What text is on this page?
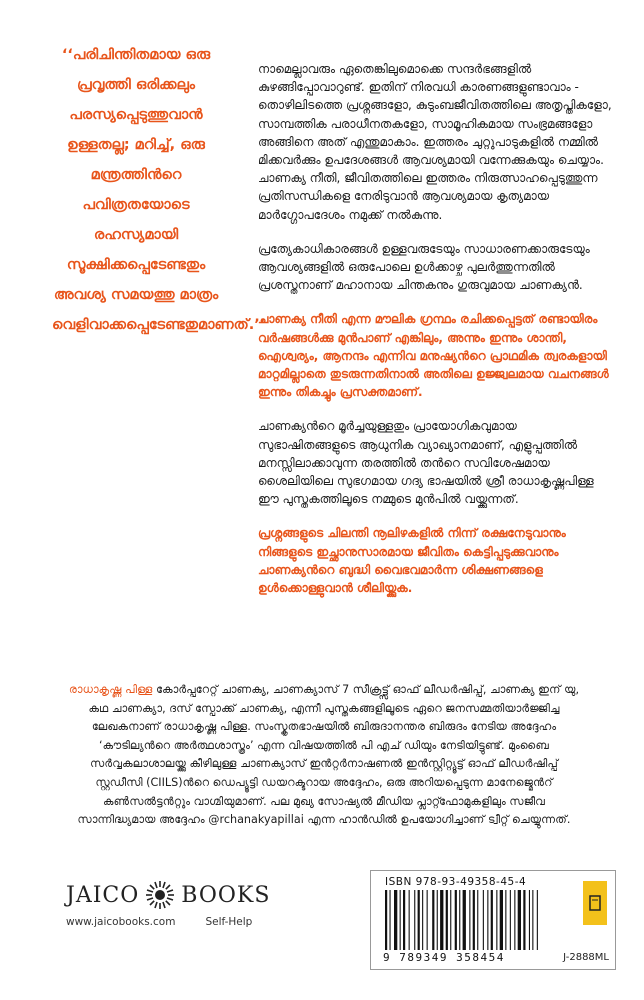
‘‘പരിചിന്തിതമായ ഒരു പ്രവൃത്തി ഒരിക്കലും പരസ്യപ്പെടുത്തുവാൻ ഉള്ളതല്ല; മറിച്ച്, ഒരു മന്ത്രത്തിൻറെ പവിത്രതയോടെ രഹസ്യമായി സൂക്ഷിക്കപ്പെടേണ്ടതും അവശ്യ സമയത്തു മാത്രം വെളിവാക്കപ്പെടേണ്ടതുമാണത്.’’

നാമെല്ലാവരും ഏതെങ്കിലുമൊക്കെ സന്ദർഭങ്ങളിൽ കുഴങ്ങിപ്പോവാറുണ്ട്. ഇതിന് നിരവധി കാരണങ്ങളുണ്ടാവാം - തൊഴിലിടത്തെ പ്രശ്നങ്ങളോ, കുടുംബജീവിതത്തിലെ അതൃപ്തികളോ, സാമ്പത്തിക പരാധീനതകളോ, സാമൂഹികമായ സംഭ്രമങ്ങളോ അങ്ങിനെ അത് എന്തുമാകാം. ഇത്തരം ചുറ്റുപാടുകളിൽ നമ്മിൽ മിക്കവർക്കും ഉപദേശങ്ങൾ ആവശ്യമായി വന്നേക്കുകയും ചെയ്യാം. ചാണക്യ നീതി, ജീവിതത്തിലെ ഇത്തരം നിരുത്സാഹപ്പെടുത്തുന്ന പ്രതിസന്ധികളെ നേരിടുവാൻ ആവശ്യമായ കൃത്യമായ മാർഗ്ഗോപദേശം നമുക്ക് നൽകുന്നു.

പ്രത്യേകാധികാരങ്ങൾ ഉള്ളവരുടേയും സാധാരണക്കാരുടേയും ആവശ്യങ്ങളിൽ ഒരുപോലെ ഉൾക്കാഴ്ച പുലർത്തുന്നതിൽ പ്രശസ്തനാണ് മഹാനായ ചിന്തകനും ഗുരുവുമായ ചാണക്യൻ.

ചാണക്യ നീതി എന്ന മൗലിക ഗ്രന്ഥം രചിക്കപ്പെട്ടത് രണ്ടായിരം വർഷങ്ങൾക്കു മുൻപാണ് എങ്കിലും, അന്നും ഇന്നും ശാന്തി, ഐശ്വര്യം, ആനന്ദം എന്നിവ മനുഷ്യൻറെ പ്രാഥമിക ത്വരകളായി മാറ്റമില്ലാതെ തുടരുന്നതിനാൽ അതിലെ ഉജ്ജ്വലമായ വചനങ്ങൾ ഇന്നും തികച്ചും പ്രസക്തമാണ്.

ചാണക്യൻറെ മൂർച്ചയുള്ളതും പ്രായോഗികവുമായ സുഭാഷിതങ്ങളുടെ ആധുനിക വ്യാഖ്യാനമാണ്, എളുപ്പത്തിൽ മനസ്സിലാക്കാവുന്ന തരത്തിൽ തൻറെ സവിശേഷമായ ശൈലിയിലെ സുഭഗമായ ഗദ്യ ഭാഷയിൽ ശ്രീ രാധാകൃഷ്ണപിള്ള ഈ പുസ്തകത്തിലൂടെ നമ്മുടെ മുൻപിൽ വയ്ക്കുന്നത്.

പ്രശ്നങ്ങളുടെ ചിലന്തി നൂലിഴകളിൽ നിന്ന് രക്ഷനേടുവാനും നിങ്ങളുടെ ഇച്ഛാനുസാരമായ ജീവിതം കെട്ടിപ്പടുക്കുവാനും ചാണക്യൻറെ ബുദ്ധി വൈഭവമാർന്ന ശിക്ഷണങ്ങളെ ഉൾക്കൊള്ളുവാൻ ശീലിയ്ക്കുക.

രാധാകൃഷ്ണ പിള്ള കോർപ്പറേറ്റ് ചാണക്യ, ചാണക്യാസ് 7 സീക്രട്ട്സ് ഓഫ് ലീഡർഷിപ്പ്, ചാണക്യ ഇന് യു, കഥ ചാണക്യാ, ദസ് സ്പോക്ക് ചാണക്യ, എന്നീ പുസ്തകങ്ങളിലൂടെ ഏറെ ജനസമ്മതിയാർജ്ജിച്ച ലേഖകനാണ് രാധാകൃഷ്ണ പിള്ള. സംസ്കൃതഭാഷയിൽ ബിരുദാനന്തര ബിരുദം നേടിയ അദ്ദേഹം ‘കൗടില്യൻറെ അർത്ഥശാസ്ത്രം’ എന്ന വിഷയത്തിൽ പി എച് ഡിയും നേടിയിട്ടുണ്ട്. മുംബൈ സർവ്വകലാശാലയ്ക്കു കീഴിലുള്ള ചാണക്യാസ് ഇൻറ്റർനാഷണൽ ഇൻസ്റ്റിറ്റ്യൂട്ട് ഓഫ് ലീഡർഷിപ്പ് സ്റ്റഡീസി (CIILS)ൻറെ ഡെപ്യൂട്ടി ഡയറക്ടറായ അദ്ദേഹം, ഒരു അറിയപ്പെടുന്ന മാനേജ്മെൻറ് കൺസൽട്ടൻറ്റും വാഗ്മിയുമാണ്. പല മുഖ്യ സോഷ്യൽ മീഡിയ പ്ലാറ്റ്ഫോമുകളിലും സജീവ സാന്നിദ്ധ്യമായ അദ്ദേഹം @rchanakyapillai എന്ന ഹാൻഡിൽ ഉപയോഗിച്ചാണ് ട്വീറ്റ് ചെയ്യുന്നത്.

JAICO BOOKS
www.jaicobooks.com	Self-Help
ISBN 978-93-49358-45-4
9 789349 358454	J-2888ML
